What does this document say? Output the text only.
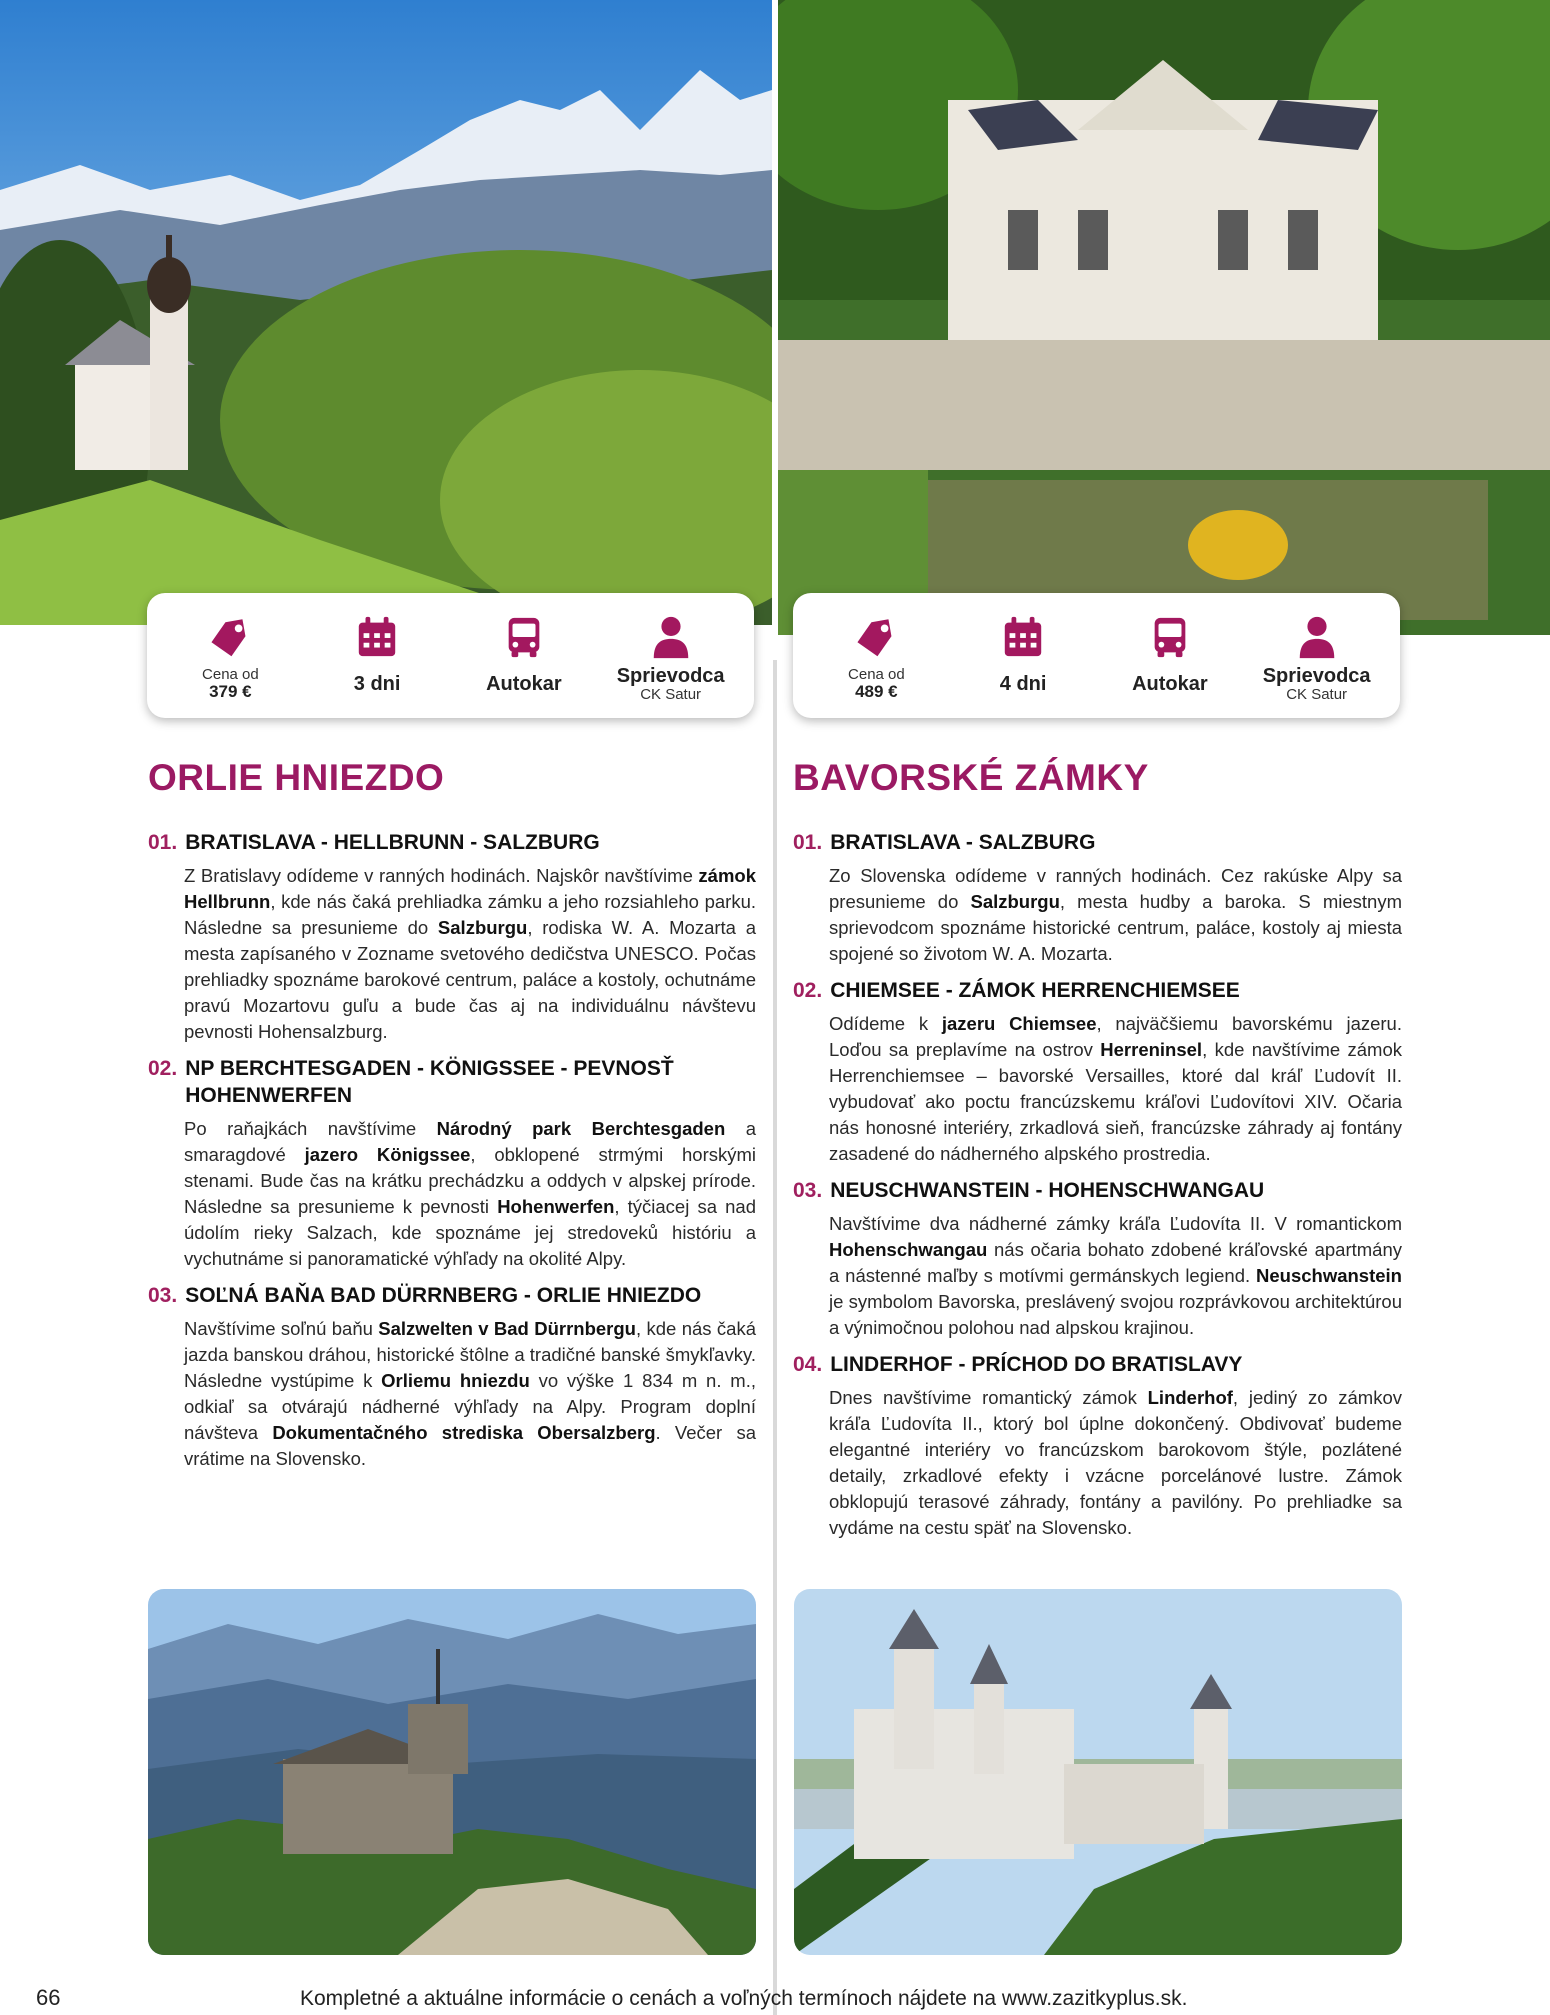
Cena od
379 €	3 dni	Autokar	Sprievodca
CK Satur
Cena od
489 €	4 dni	Autokar	Sprievodca
CK Satur
ORLIE HNIEZDO
01. BRATISLAVA - HELLBRUNN - SALZBURG

Z Bratislavy odídeme v ranných hodinách. Najskôr navštívime zámok Hellbrunn, kde nás čaká prehliadka zámku a jeho rozsiahleho parku. Následne sa presunieme do Salzburgu, rodiska W. A. Mozarta a mesta zapísaného v Zozname svetového dedičstva UNESCO. Počas prehliadky spoznáme barokové centrum, paláce a kostoly, ochutnáme pravú Mozartovu guľu a bude čas aj na individuálnu návštevu pevnosti Hohensalzburg.

02. NP BERCHTESGADEN - KÖNIGSSEE - PEVNOSŤ HOHENWERFEN

Po raňajkách navštívime Národný park Berchtesgaden a smaragdové jazero Königssee, obklopené strmými horskými stenami. Bude čas na krátku prechádzku a oddych v alpskej prírode. Následne sa presunieme k pevnosti Hohenwerfen, týčiacej sa nad údolím rieky Salzach, kde spoznáme jej stredoveků históriu a vychutnáme si panoramatické výhľady na okolité Alpy.

03. SOĽNÁ BAŇA BAD DÜRRNBERG - ORLIE HNIEZDO

Navštívime soľnú baňu Salzwelten v Bad Dürrnbergu, kde nás čaká jazda banskou dráhou, historické štôlne a tradičné banské šmykľavky. Následne vystúpime k Orliemu hniezdu vo výške 1 834 m n. m., odkiaľ sa otvárajú nádherné výhľady na Alpy. Program doplní návšteva Dokumentačného strediska Obersalzberg. Večer sa vrátime na Slovensko.

BAVORSKÉ ZÁMKY
01. BRATISLAVA - SALZBURG

Zo Slovenska odídeme v ranných hodinách. Cez rakúske Alpy sa presunieme do Salzburgu, mesta hudby a baroka. S miestnym sprievodcom spoznáme historické centrum, paláce, kostoly aj miesta spojené so životom W. A. Mozarta.

02. CHIEMSEE - ZÁMOK HERRENCHIEMSEE

Odídeme k jazeru Chiemsee, najväčšiemu bavorskému jazeru. Loďou sa preplavíme na ostrov Herreninsel, kde navštívime zámok Herrenchiemsee – bavorské Versailles, ktoré dal kráľ Ľudovít II. vybudovať ako poctu francúzskemu kráľovi Ľudovítovi XIV. Očaria nás honosné interiéry, zrkadlová sieň, francúzske záhrady aj fontány zasadené do nádherného alpského prostredia.

03. NEUSCHWANSTEIN - HOHENSCHWANGAU

Navštívime dva nádherné zámky kráľa Ľudovíta II. V romantickom Hohenschwangau nás očaria bohato zdobené kráľovské apartmány a nástenné maľby s motívmi germánskych legiend. Neuschwanstein je symbolom Bavorska, preslávený svojou rozprávkovou architektúrou a výnimočnou polohou nad alpskou krajinou.

04. LINDERHOF - PRÍCHOD DO BRATISLAVY

Dnes navštívime romantický zámok Linderhof, jediný zo zámkov kráľa Ľudovíta II., ktorý bol úplne dokončený. Obdivovať budeme elegantné interiéry vo francúzskom barokovom štýle, pozlátené detaily, zrkadlové efekty i vzácne porcelánové lustre. Zámok obklopujú terasové záhrady, fontány a pavilóny. Po prehliadke sa vydáme na cestu späť na Slovensko.

66	Kompletné a aktuálne informácie o cenách a voľných termínoch nájdete na www.zazitkyplus.sk.
